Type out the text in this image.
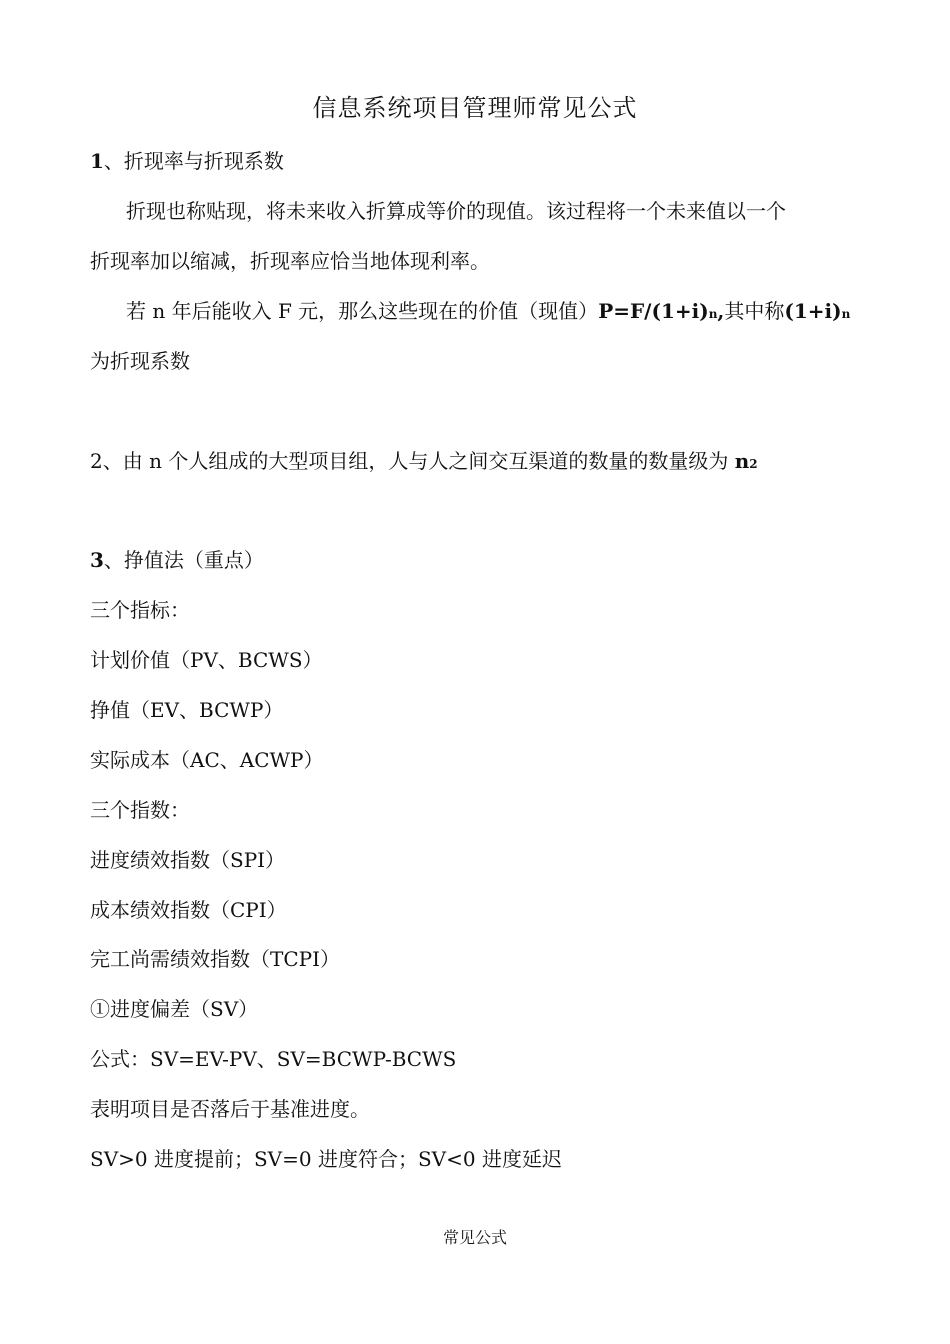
信息系统项目管理师常见公式
1、折现率与折现系数
折现也称贴现，将未来收入折算成等价的现值。该过程将一个未来值以一个
折现率加以缩减，折现率应恰当地体现利率。
若 n 年后能收入 F 元，那么这些现在的价值（现值）P=F/(1+i)n,其中称(1+i)n
为折现系数
2、由 n 个人组成的大型项目组，人与人之间交互渠道的数量的数量级为 n2
3、挣值法（重点）
三个指标：
计划价值（PV、BCWS）
挣值（EV、BCWP）
实际成本（AC、ACWP）
三个指数：
进度绩效指数（SPI）
成本绩效指数（CPI）
完工尚需绩效指数（TCPI）
①进度偏差（SV）
公式：SV=EV-PV、SV=BCWP-BCWS
表明项目是否落后于基准进度。
SV>0 进度提前；SV=0 进度符合；SV<0 进度延迟
常见公式
